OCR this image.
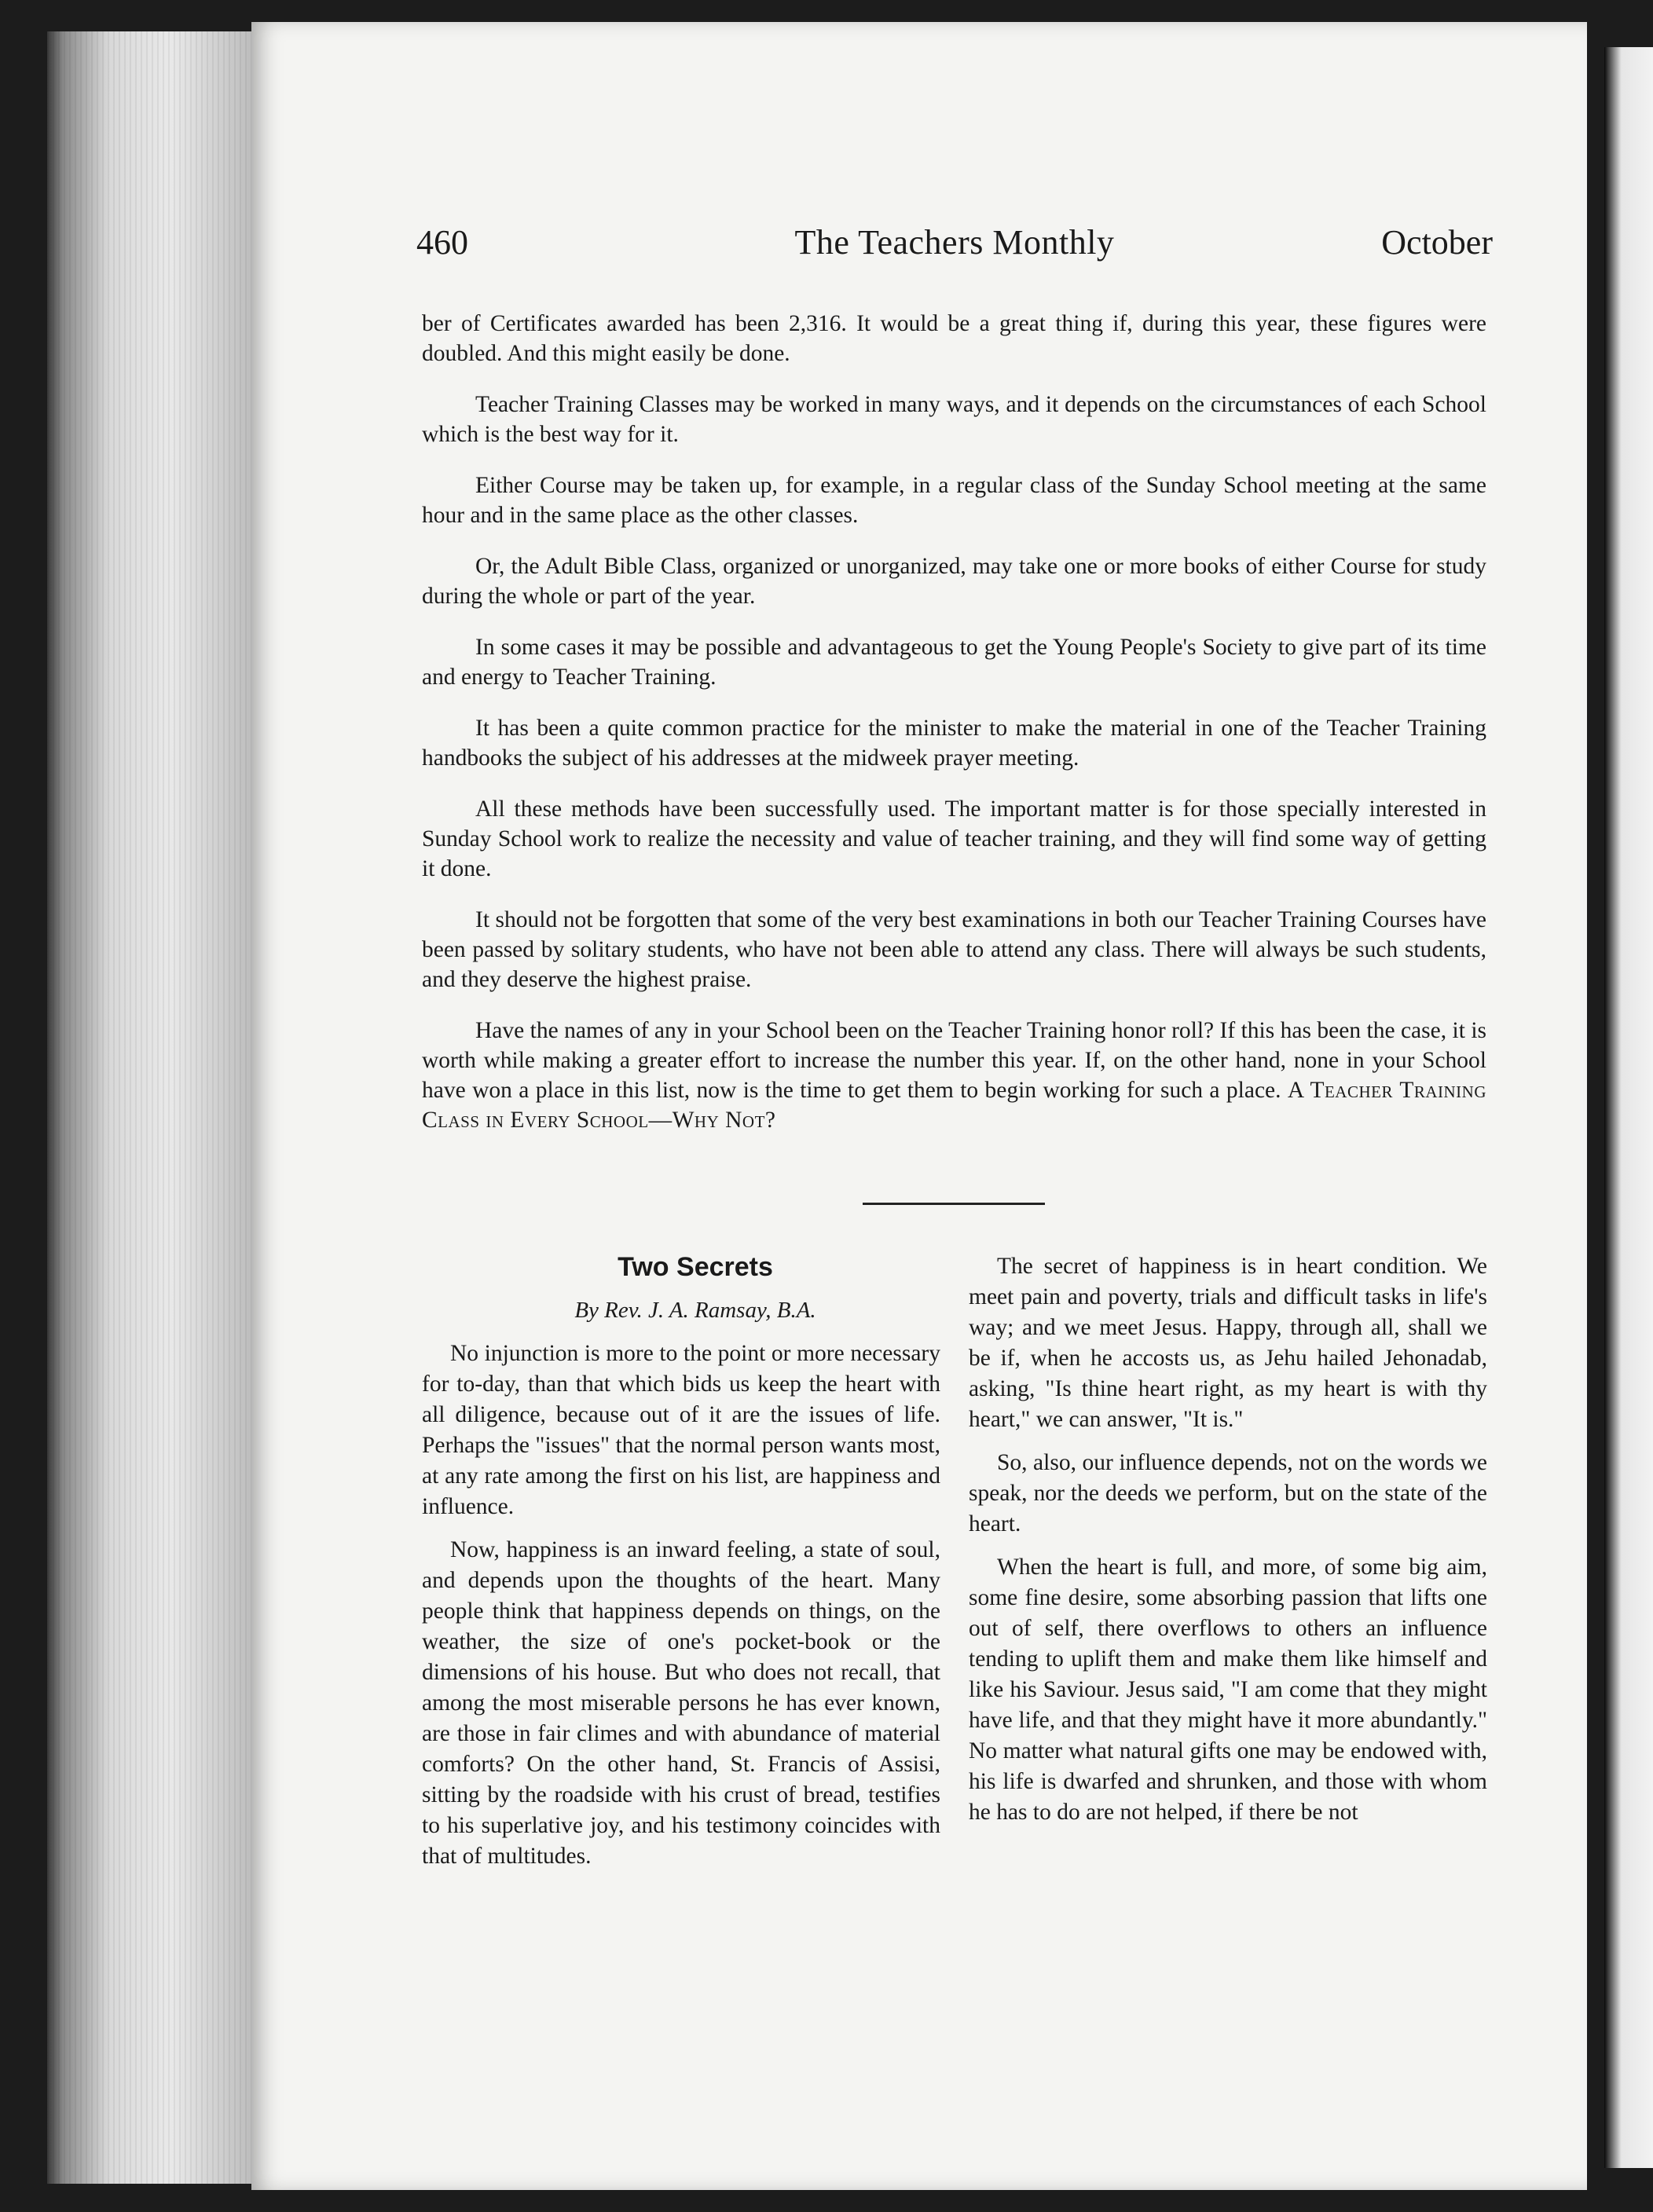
460	The Teachers Monthly	October

ber of Certificates awarded has been 2,316. It would be a great thing if, during this year, these figures were doubled. And this might easily be done.

Teacher Training Classes may be worked in many ways, and it depends on the circumstances of each School which is the best way for it.

Either Course may be taken up, for example, in a regular class of the Sunday School meeting at the same hour and in the same place as the other classes.

Or, the Adult Bible Class, organized or unorganized, may take one or more books of either Course for study during the whole or part of the year.

In some cases it may be possible and advantageous to get the Young People's Society to give part of its time and energy to Teacher Training.

It has been a quite common practice for the minister to make the material in one of the Teacher Training handbooks the subject of his addresses at the midweek prayer meeting.

All these methods have been successfully used. The important matter is for those specially interested in Sunday School work to realize the necessity and value of teacher training, and they will find some way of getting it done.

It should not be forgotten that some of the very best examinations in both our Teacher Training Courses have been passed by solitary students, who have not been able to attend any class. There will always be such students, and they deserve the highest praise.

Have the names of any in your School been on the Teacher Training honor roll? If this has been the case, it is worth while making a greater effort to increase the number this year. If, on the other hand, none in your School have won a place in this list, now is the time to get them to begin working for such a place. A Teacher Training Class in Every School—Why Not?

Two Secrets

By Rev. J. A. Ramsay, B.A.

No injunction is more to the point or more necessary for to-day, than that which bids us keep the heart with all diligence, because out of it are the issues of life. Perhaps the "issues" that the normal person wants most, at any rate among the first on his list, are happiness and influence.

Now, happiness is an inward feeling, a state of soul, and depends upon the thoughts of the heart. Many people think that happiness depends on things, on the weather, the size of one's pocket-book or the dimensions of his house. But who does not recall, that among the most miserable persons he has ever known, are those in fair climes and with abundance of material comforts? On the other hand, St. Francis of Assisi, sitting by the roadside with his crust of bread, testifies to his superlative joy, and his testimony coincides with that of multitudes.

The secret of happiness is in heart condition. We meet pain and poverty, trials and difficult tasks in life's way; and we meet Jesus. Happy, through all, shall we be if, when he accosts us, as Jehu hailed Jehonadab, asking, "Is thine heart right, as my heart is with thy heart," we can answer, "It is."

So, also, our influence depends, not on the words we speak, nor the deeds we perform, but on the state of the heart.

When the heart is full, and more, of some big aim, some fine desire, some absorbing passion that lifts one out of self, there overflows to others an influence tending to uplift them and make them like himself and like his Saviour. Jesus said, "I am come that they might have life, and that they might have it more abundantly." No matter what natural gifts one may be endowed with, his life is dwarfed and shrunken, and those with whom he has to do are not helped, if there be not
